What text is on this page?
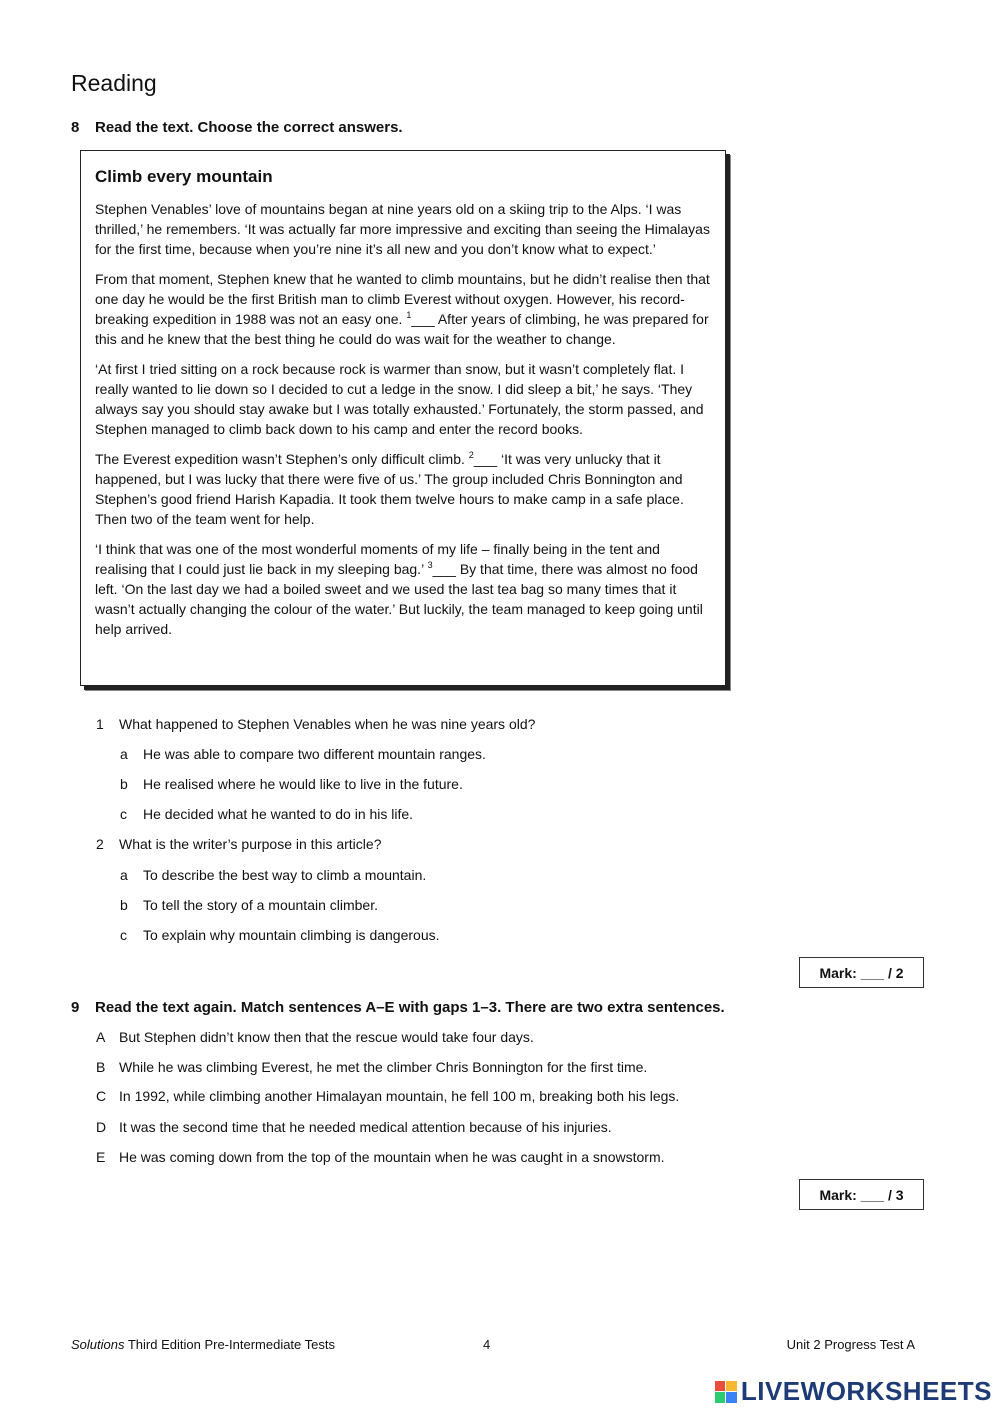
Reading
8 Read the text. Choose the correct answers.
Climb every mountain

Stephen Venables’ love of mountains began at nine years old on a skiing trip to the Alps. ‘I was thrilled,’ he remembers. ‘It was actually far more impressive and exciting than seeing the Himalayas for the first time, because when you’re nine it’s all new and you don’t know what to expect.’

From that moment, Stephen knew that he wanted to climb mountains, but he didn’t realise then that one day he would be the first British man to climb Everest without oxygen. However, his record-breaking expedition in 1988 was not an easy one. $^1$___ After years of climbing, he was prepared for this and he knew that the best thing he could do was wait for the weather to change.

‘At first I tried sitting on a rock because rock is warmer than snow, but it wasn’t completely flat. I really wanted to lie down so I decided to cut a ledge in the snow. I did sleep a bit,’ he says. ‘They always say you should stay awake but I was totally exhausted.’ Fortunately, the storm passed, and Stephen managed to climb back down to his camp and enter the record books.

The Everest expedition wasn’t Stephen’s only difficult climb. $^2$___ ‘It was very unlucky that it happened, but I was lucky that there were five of us.’ The group included Chris Bonnington and Stephen’s good friend Harish Kapadia. It took them twelve hours to make camp in a safe place. Then two of the team went for help.

‘I think that was one of the most wonderful moments of my life – finally being in the tent and realising that I could just lie back in my sleeping bag.’ $^3$___ By that time, there was almost no food left. ‘On the last day we had a boiled sweet and we used the last tea bag so many times that it wasn’t actually changing the colour of the water.’ But luckily, the team managed to keep going until help arrived.

1 What happened to Stephen Venables when he was nine years old?
a He was able to compare two different mountain ranges.
b He realised where he would like to live in the future.
c He decided what he wanted to do in his life.
2 What is the writer’s purpose in this article?
a To describe the best way to climb a mountain.
b To tell the story of a mountain climber.
c To explain why mountain climbing is dangerous.
Mark: ___ / 2
9 Read the text again. Match sentences A–E with gaps 1–3. There are two extra sentences.
A But Stephen didn’t know then that the rescue would take four days.
B While he was climbing Everest, he met the climber Chris Bonnington for the first time.
C In 1992, while climbing another Himalayan mountain, he fell 100 m, breaking both his legs.
D It was the second time that he needed medical attention because of his injuries.
E He was coming down from the top of the mountain when he was caught in a snowstorm.
Mark: ___ / 3
Solutions Third Edition Pre-Intermediate Tests	4	Unit 2 Progress Test A
LIVEWORKSHEETS
